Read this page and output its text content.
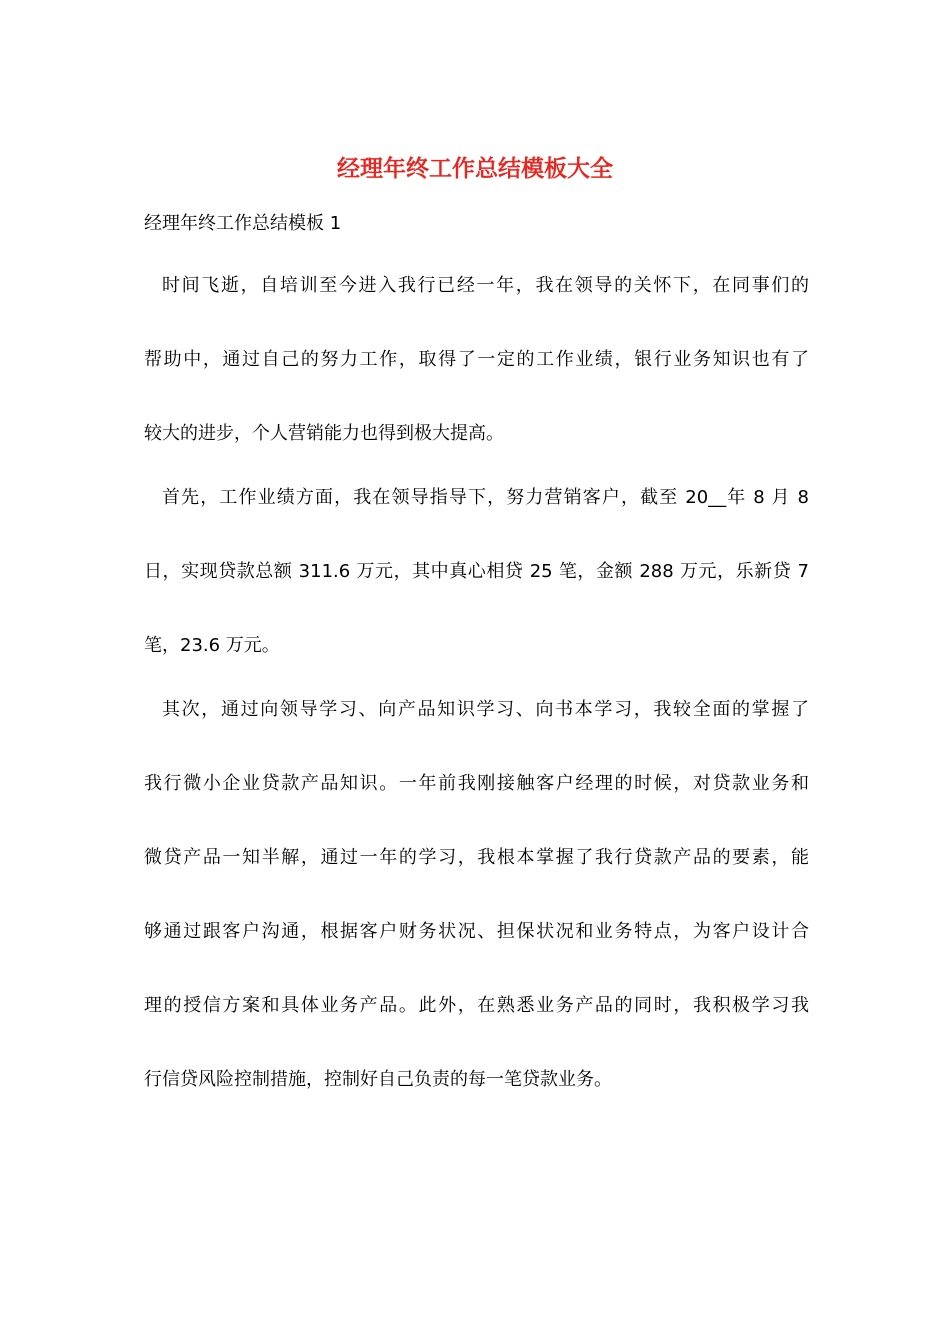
经理年终工作总结模板大全

经理年终工作总结模板 1

时间飞逝，自培训至今进入我行已经一年，我在领导的关怀下，在同事们的
帮助中，通过自己的努力工作，取得了一定的工作业绩，银行业务知识也有了
较大的进步，个人营销能力也得到极大提高。
首先，工作业绩方面，我在领导指导下，努力营销客户，截至 20__年 8 月 8
日，实现贷款总额 311.6 万元，其中真心相贷 25 笔，金额 288 万元，乐新贷 7
笔，23.6 万元。
其次，通过向领导学习、向产品知识学习、向书本学习，我较全面的掌握了
我行微小企业贷款产品知识。一年前我刚接触客户经理的时候，对贷款业务和
微贷产品一知半解，通过一年的学习，我根本掌握了我行贷款产品的要素，能
够通过跟客户沟通，根据客户财务状况、担保状况和业务特点，为客户设计合
理的授信方案和具体业务产品。此外，在熟悉业务产品的同时，我积极学习我
行信贷风险控制措施，控制好自己负责的每一笔贷款业务。
